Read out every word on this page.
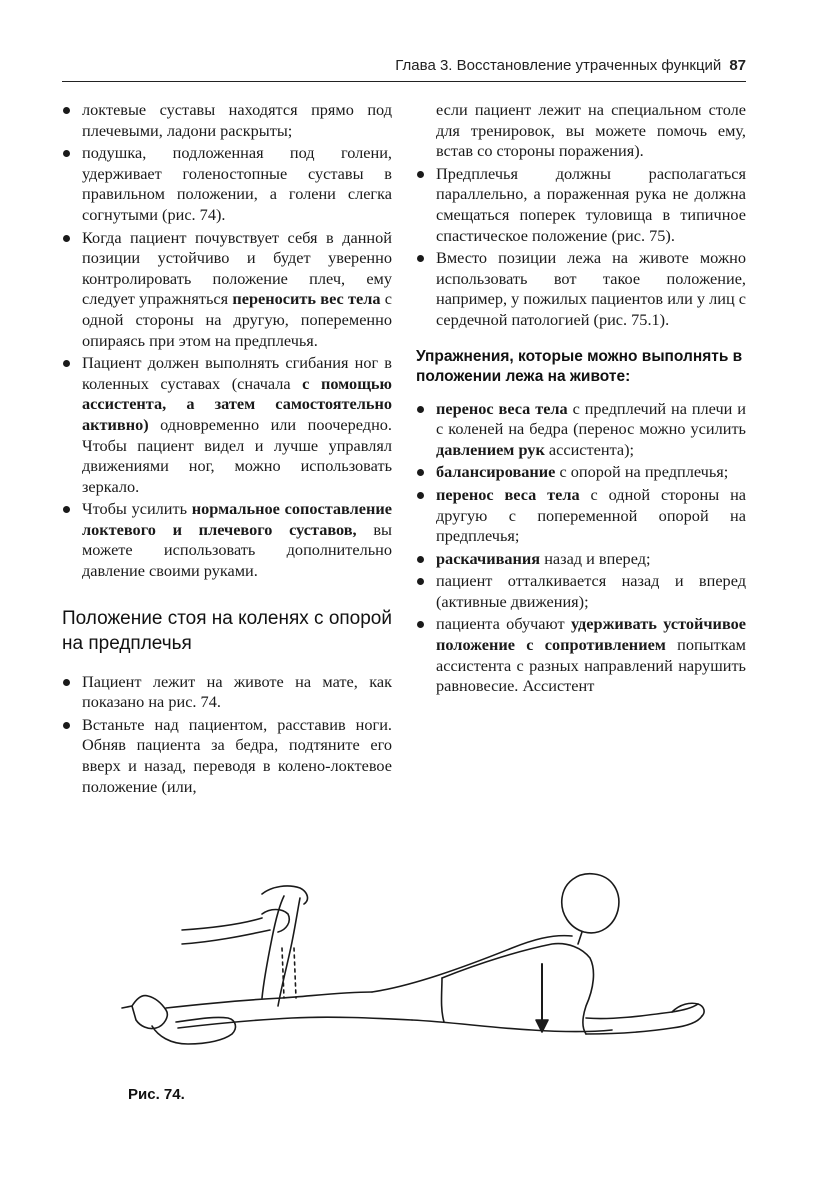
Глава 3. Восстановление утраченных функций 87
локтевые суставы находятся прямо под плечевыми, ладони раскрыты;
подушка, подложенная под голени, удерживает голеностопные суставы в правильном положении, а голени слегка согнутыми (рис. 74).
Когда пациент почувствует себя в данной позиции устойчиво и будет уверенно контролировать положение плеч, ему следует упражняться переносить вес тела с одной стороны на другую, попеременно опираясь при этом на предплечья.
Пациент должен выполнять сгибания ног в коленных суставах (сначала с помощью ассистента, а затем самостоятельно активно) одновременно или поочередно. Чтобы пациент видел и лучше управлял движениями ног, можно использовать зеркало.
Чтобы усилить нормальное сопоставление локтевого и плечевого суставов, вы можете использовать дополнительно давление своими руками.
Положение стоя на коленях с опорой на предплечья
Пациент лежит на животе на мате, как показано на рис. 74.
Встаньте над пациентом, расставив ноги. Обняв пациента за бедра, подтяните его вверх и назад, переводя в колено-локтевое положение (или,
если пациент лежит на специальном столе для тренировок, вы можете помочь ему, встав со стороны поражения).
Предплечья должны располагаться параллельно, а пораженная рука не должна смещаться поперек туловища в типичное спастическое положение (рис. 75).
Вместо позиции лежа на животе можно использовать вот такое положение, например, у пожилых пациентов или у лиц с сердечной патологией (рис. 75.1).
Упражнения, которые можно выполнять в положении лежа на животе:
перенос веса тела с предплечий на плечи и с коленей на бедра (перенос можно усилить давлением рук ассистента);
балансирование с опорой на предплечья;
перенос веса тела с одной стороны на другую с попеременной опорой на предплечья;
раскачивания назад и вперед;
пациент отталкивается назад и вперед (активные движения);
пациента обучают удерживать устойчивое положение с сопротивлением попыткам ассистента с разных направлений нарушить равновесие. Ассистент
Рис. 74.
